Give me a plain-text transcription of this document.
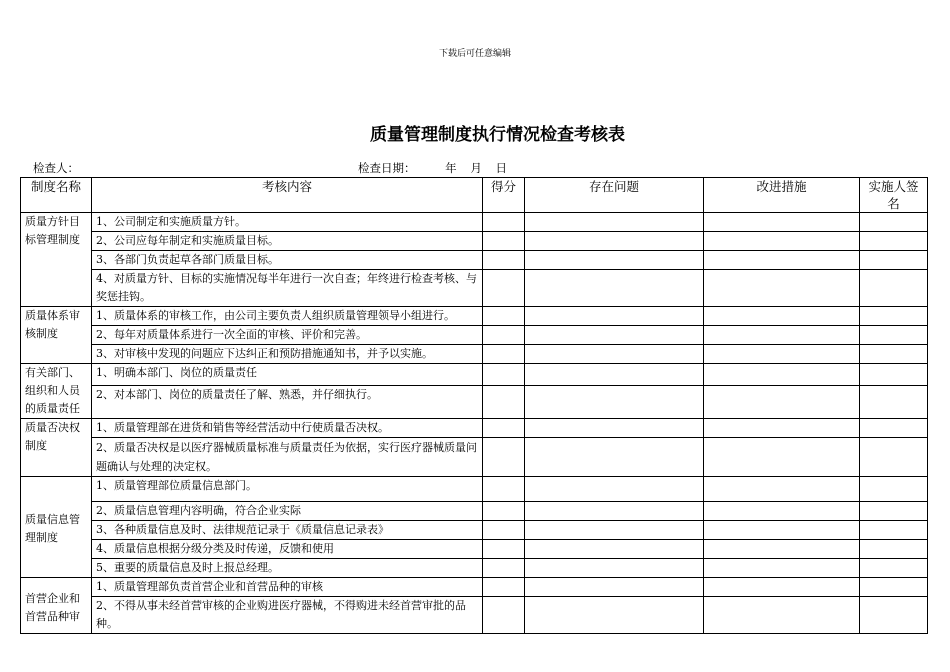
下载后可任意编辑
质量管理制度执行情况检查考核表
检查人：	检查日期：	年 月 日
制度名称	考核内容	得分	存在问题	改进措施	实施人签名
质量方针目标管理制度	1、公司制定和实施质量方针。				
	2、公司应每年制定和实施质量目标。				
	3、各部门负责起草各部门质量目标。				
	4、对质量方针、目标的实施情况每半年进行一次自查；年终进行检查考核、与奖惩挂钩。				
质量体系审核制度	1、质量体系的审核工作，由公司主要负责人组织质量管理领导小组进行。				
	2、每年对质量体系进行一次全面的审核、评价和完善。				
	3、对审核中发现的问题应下达纠正和预防措施通知书，并予以实施。				
有关部门、组织和人员的质量责任	1、明确本部门、岗位的质量责任				
	2、对本部门、岗位的质量责任了解、熟悉，并仔细执行。				
质量否决权制度	1、质量管理部在进货和销售等经营活动中行使质量否决权。				
	2、质量否决权是以医疗器械质量标准与质量责任为依据，实行医疗器械质量问题确认与处理的决定权。				
质量信息管理制度	1、质量管理部位质量信息部门。				
	2、质量信息管理内容明确，符合企业实际				
	3、各种质量信息及时、法律规范记录于《质量信息记录表》				
	4、质量信息根据分级分类及时传递，反馈和使用				
	5、重要的质量信息及时上报总经理。				
首营企业和首营品种审	1、质量管理部负责首营企业和首营品种的审核				
	2、不得从事未经首营审核的企业购进医疗器械，不得购进未经首营审批的品种。				
